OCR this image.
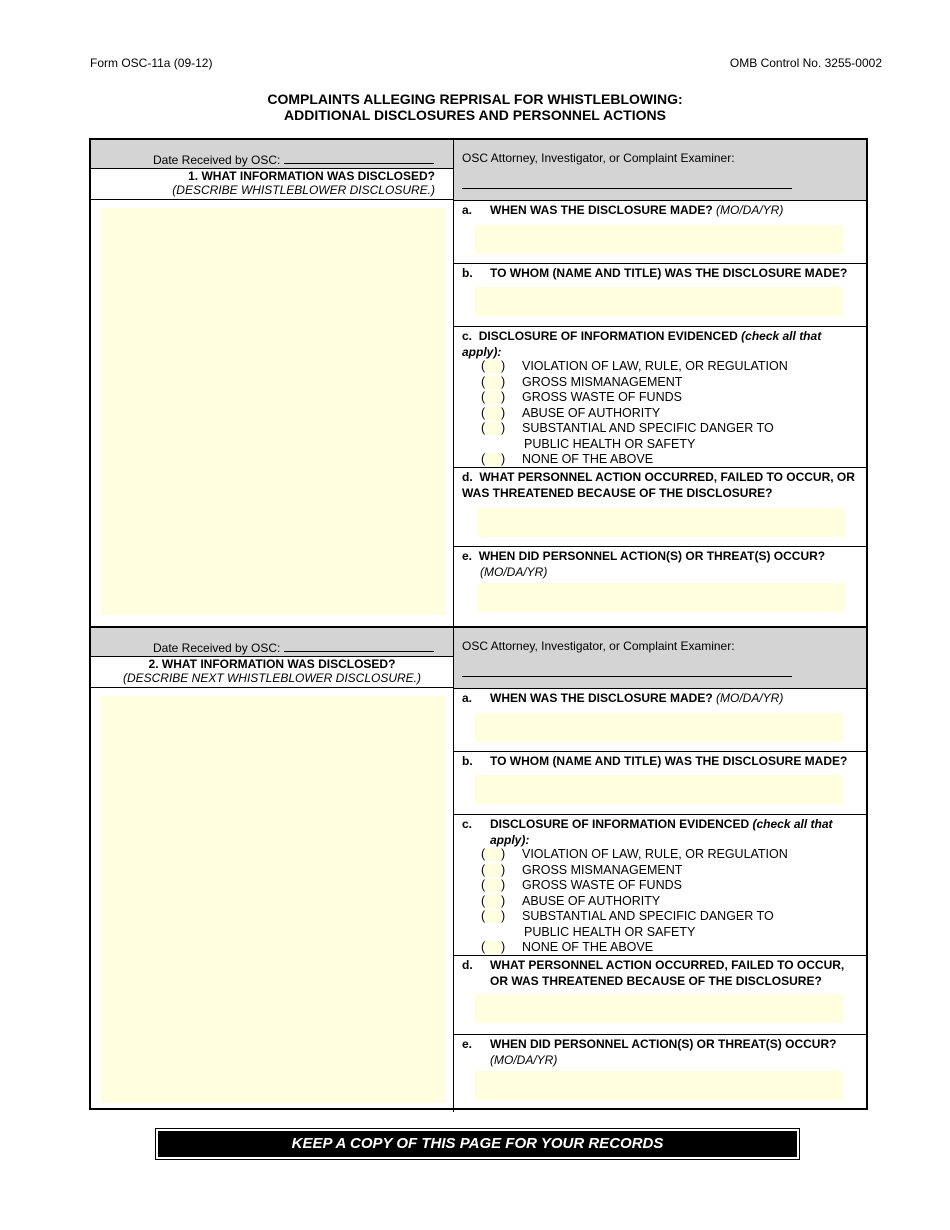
Form OSC-11a (09-12)	OMB Control No. 3255-0002
COMPLAINTS ALLEGING REPRISAL FOR WHISTLEBLOWING:
ADDITIONAL DISCLOSURES AND PERSONNEL ACTIONS
Date Received by OSC:
1. WHAT INFORMATION WAS DISCLOSED?
(DESCRIBE WHISTLEBLOWER DISCLOSURE.)
OSC Attorney, Investigator, or Complaint Examiner:
a. WHEN WAS THE DISCLOSURE MADE? (MO/DA/YR)
b. TO WHOM (NAME AND TITLE) WAS THE DISCLOSURE MADE?
c. DISCLOSURE OF INFORMATION EVIDENCED (check all that apply):
( ) VIOLATION OF LAW, RULE, OR REGULATION
( ) GROSS MISMANAGEMENT
( ) GROSS WASTE OF FUNDS
( ) ABUSE OF AUTHORITY
( ) SUBSTANTIAL AND SPECIFIC DANGER TO
PUBLIC HEALTH OR SAFETY
( ) NONE OF THE ABOVE
d. WHAT PERSONNEL ACTION OCCURRED, FAILED TO OCCUR, OR WAS THREATENED BECAUSE OF THE DISCLOSURE?
e. WHEN DID PERSONNEL ACTION(S) OR THREAT(S) OCCUR?
(MO/DA/YR)
Date Received by OSC:
2. WHAT INFORMATION WAS DISCLOSED?
(DESCRIBE NEXT WHISTLEBLOWER DISCLOSURE.)
OSC Attorney, Investigator, or Complaint Examiner:
a. WHEN WAS THE DISCLOSURE MADE? (MO/DA/YR)
b. TO WHOM (NAME AND TITLE) WAS THE DISCLOSURE MADE?
c. DISCLOSURE OF INFORMATION EVIDENCED (check all that apply):
( ) VIOLATION OF LAW, RULE, OR REGULATION
( ) GROSS MISMANAGEMENT
( ) GROSS WASTE OF FUNDS
( ) ABUSE OF AUTHORITY
( ) SUBSTANTIAL AND SPECIFIC DANGER TO
PUBLIC HEALTH OR SAFETY
( ) NONE OF THE ABOVE
d. WHAT PERSONNEL ACTION OCCURRED, FAILED TO OCCUR, OR WAS THREATENED BECAUSE OF THE DISCLOSURE?
e. WHEN DID PERSONNEL ACTION(S) OR THREAT(S) OCCUR?
(MO/DA/YR)
KEEP A COPY OF THIS PAGE FOR YOUR RECORDS
